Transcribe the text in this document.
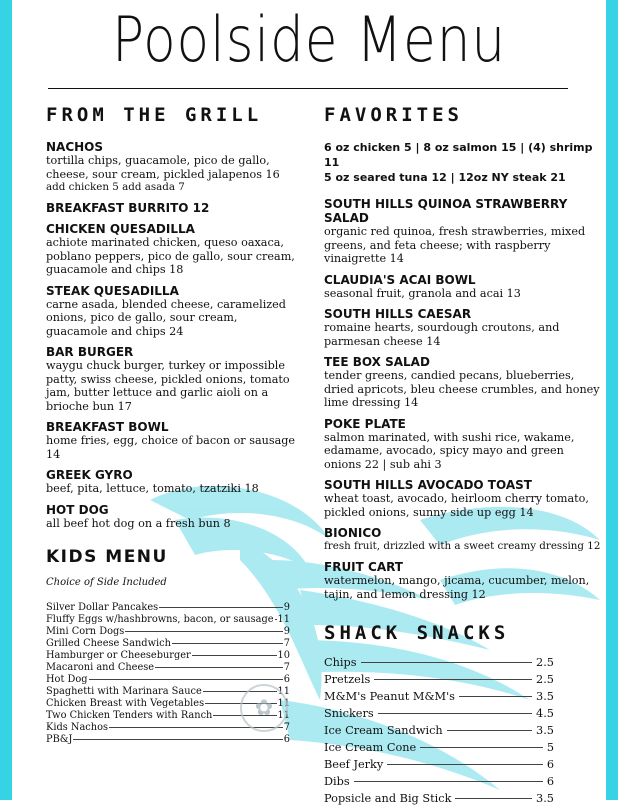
Poolside Menu
FROM THE GRILL
NACHOS
tortilla chips, guacamole, pico de gallo, cheese, sour cream, pickled jalapenos 16
add chicken 5 add asada 7
BREAKFAST BURRITO 12
CHICKEN QUESADILLA
achiote marinated chicken, queso oaxaca, poblano peppers, pico de gallo, sour cream, guacamole and chips 18
STEAK QUESADILLA
carne asada, blended cheese, caramelized onions, pico de gallo, sour cream, guacamole and chips 24
BAR BURGER
waygu chuck burger, turkey or impossible patty, swiss cheese, pickled onions, tomato jam, butter lettuce and garlic aioli on a brioche bun 17
BREAKFAST BOWL
home fries, egg, choice of bacon or sausage 14
GREEK GYRO
beef, pita, lettuce, tomato, tzatziki 18
HOT DOG
all beef hot dog on a fresh bun 8
KIDS MENU
Choice of Side Included
Silver Dollar Pancakes	9
Fluffy Eggs w/hashbrowns, bacon, or sausage 11
Mini Corn Dogs	9
Grilled Cheese Sandwich	7
Hamburger or Cheeseburger	10
Macaroni and Cheese	7
Hot Dog	6
Spaghetti with Marinara Sauce	11
Chicken Breast with Vegetables	11
Two Chicken Tenders with Ranch	11
Kids Nachos	7
PB&J	6
FAVORITES
6 oz chicken 5 | 8 oz salmon 15 | (4) shrimp 11
5 oz seared tuna 12 | 12oz NY steak 21
SOUTH HILLS QUINOA STRAWBERRY SALAD
organic red quinoa, fresh strawberries, mixed greens, and feta cheese; with raspberry vinaigrette 14
CLAUDIA'S ACAI BOWL
seasonal fruit, granola and acai 13
SOUTH HILLS CAESAR
romaine hearts, sourdough croutons, and parmesan cheese 14
TEE BOX SALAD
tender greens, candied pecans, blueberries, dried apricots, bleu cheese crumbles, and honey lime dressing 14
POKE PLATE
salmon marinated, with sushi rice, wakame, edamame, avocado, spicy mayo and green onions 22 | sub ahi 3
SOUTH HILLS AVOCADO TOAST
wheat toast, avocado, heirloom cherry tomato, pickled onions, sunny side up egg 14
BIONICO
fresh fruit, drizzled with a sweet creamy dressing 12
FRUIT CART
watermelon, mango, jicama, cucumber, melon, tajin, and lemon dressing 12
SHACK SNACKS
Chips	2.5
Pretzels	2.5
M&M's Peanut M&M's	3.5
Snickers	4.5
Ice Cream Sandwich	3.5
Ice Cream Cone	5
Beef Jerky	6
Dibs	6
Popsicle and Big Stick	3.5
✿
